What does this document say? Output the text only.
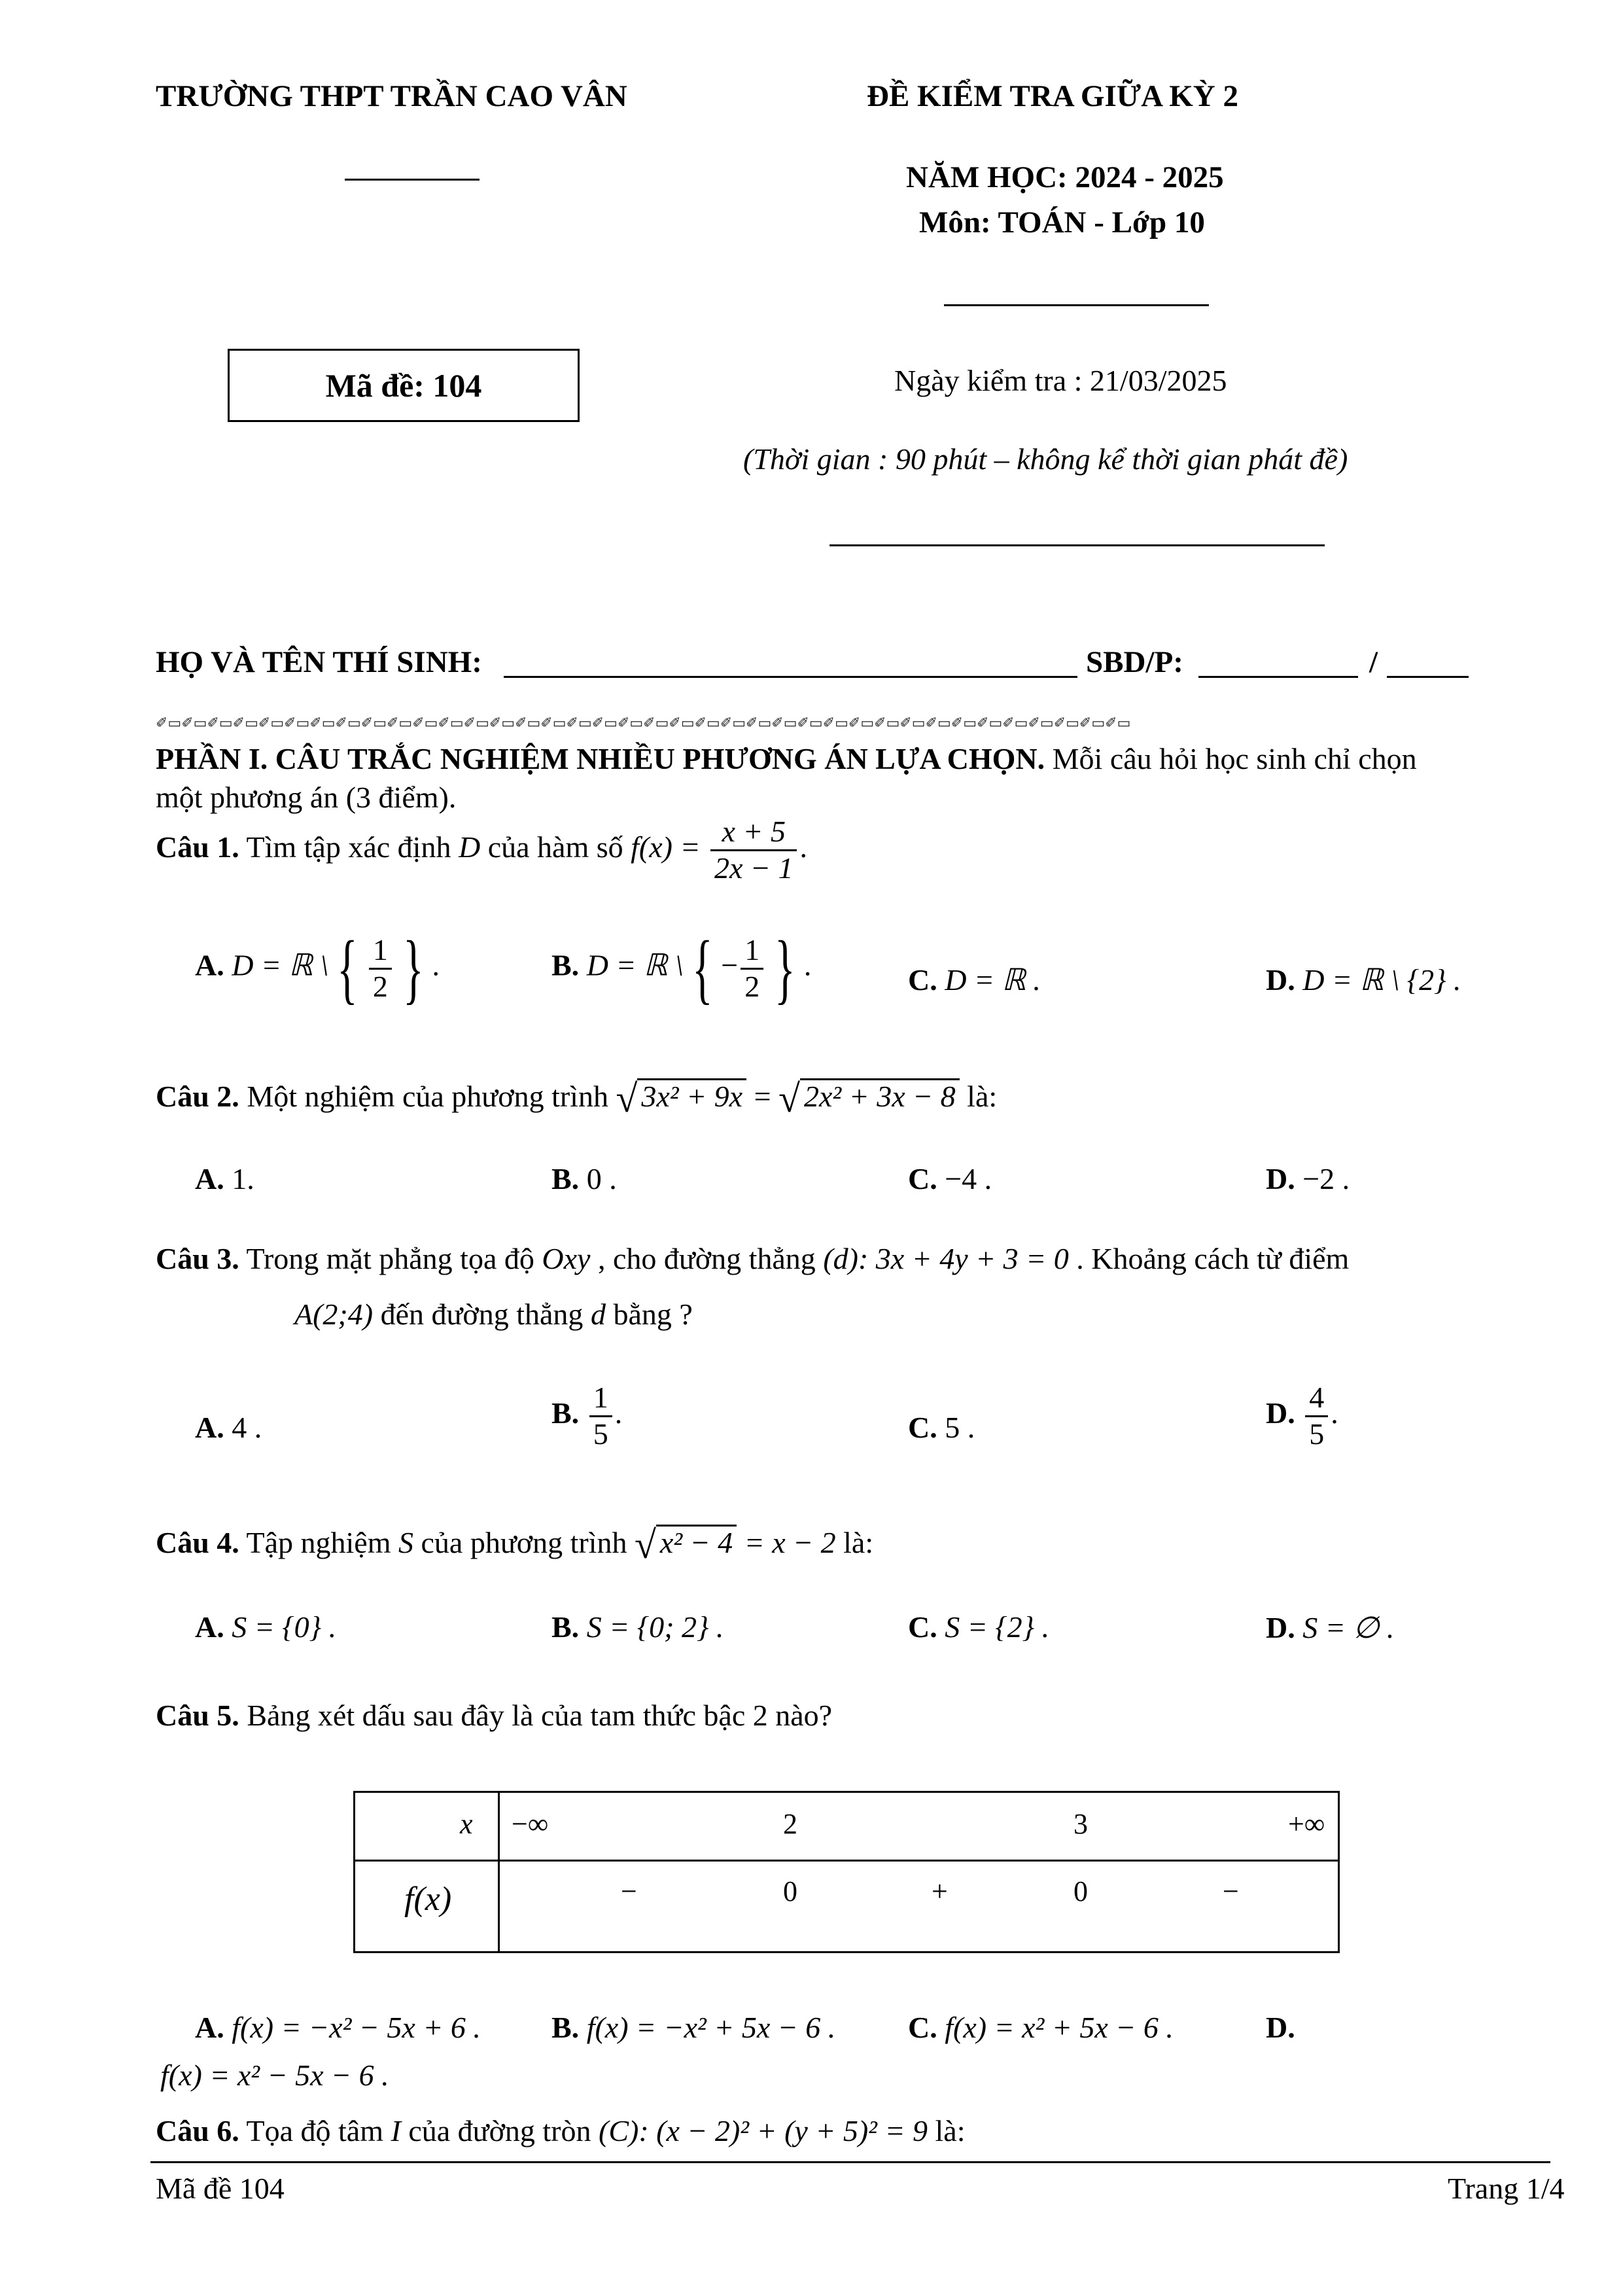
TRƯỜNG THPT TRẦN CAO VÂN	ĐỀ KIỂM TRA GIỮA KỲ 2
NĂM HỌC: 2024 - 2025
Môn: TOÁN - Lớp 10
Mã đề: 104	Ngày kiểm tra : 21/03/2025
(Thời gian : 90 phút – không kể thời gian phát đề)
HỌ VÀ TÊN THÍ SINH:	SBD/P:	/
✐▭✐▭✐▭✐▭✐▭✐▭✐▭✐▭✐▭✐▭✐▭✐▭✐▭✐▭✐▭✐▭✐▭✐▭✐▭✐▭✐▭✐▭✐▭✐▭✐▭✐▭✐▭✐▭✐▭✐▭✐▭✐▭✐▭✐▭✐▭✐▭✐▭✐▭
PHẦN I. CÂU TRẮC NGHIỆM NHIỀU PHƯƠNG ÁN LỰA CHỌN. Mỗi câu hỏi học sinh chỉ chọn
một phương án (3 điểm).
Câu 1. Tìm tập xác định D của hàm số $f(x) = \frac{x + 5}{2x - 1}$ .
A. D = ℝ \ { $\frac{1}{2}$ } .	B. D = ℝ \ { − $\frac{1}{2}$ } .	C. D = ℝ .	D. D = ℝ \ {2} .
Câu 2. Một nghiệm của phương trình √ 3x² + 9x = √ 2x² + 3x − 8 là:
A. 1.	B. 0 .	C. −4 .	D. −2 .
Câu 3. Trong mặt phẳng tọa độ Oxy , cho đường thẳng (d): 3x + 4y + 3 = 0 . Khoảng cách từ điểm
A(2;4) đến đường thẳng d bằng ?
A. 4 .	B. $\frac{1}{5}$ .	C. 5 .	D. $\frac{4}{5}$ .
Câu 4. Tập nghiệm S của phương trình √ x² − 4 = x − 2 là:
A. S = {0} .	B. S = {0; 2} .	C. S = {2} .	D. S = ∅ .
Câu 5. Bảng xét dấu sau đây là của tam thức bậc 2 nào?
x	−∞ 2 3 +∞

f(x)	− 0 + 0 −
A. f(x) = −x² − 5x + 6 . B. f(x) = −x² + 5x − 6 . C. f(x) = x² + 5x − 6 .	D.
f(x) = x² − 5x − 6 .
Câu 6. Tọa độ tâm I của đường tròn (C): (x − 2)² + (y + 5)² = 9 là:
Mã đề 104	Trang 1/4
